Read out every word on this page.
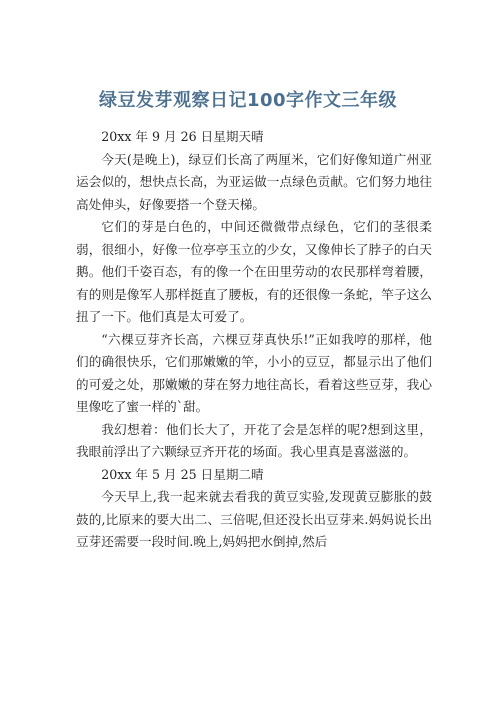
绿豆发芽观察日记100字作文三年级

20xx 年 9 月 26 日星期天晴

今天(是晚上)，绿豆们长高了两厘米，它们好像知道广州亚运会似的，想快点长高，为亚运做一点绿色贡献。它们努力地往高处伸头，好像要搭一个登天梯。

它们的芽是白色的，中间还微微带点绿色，它们的茎很柔弱，很细小，好像一位亭亭玉立的少女，又像伸长了脖子的白天鹅。他们千姿百态，有的像一个在田里劳动的农民那样弯着腰，有的则是像军人那样挺直了腰板，有的还很像一条蛇，竿子这么扭了一下。他们真是太可爱了。

“六棵豆芽齐长高，六棵豆芽真快乐!”正如我哼的那样，他们的确很快乐，它们那嫩嫩的竿，小小的豆豆，都显示出了他们的可爱之处，那嫩嫩的芽在努力地往高长，看着这些豆芽，我心里像吃了蜜一样的`甜。

我幻想着：他们长大了，开花了会是怎样的呢?想到这里，我眼前浮出了六颗绿豆齐开花的场面。我心里真是喜滋滋的。

20xx 年 5 月 25 日星期二晴

今天早上,我一起来就去看我的黄豆实验,发现黄豆膨胀的鼓鼓的,比原来的要大出二、三倍呢,但还没长出豆芽来.妈妈说长出豆芽还需要一段时间.晚上,妈妈把水倒掉,然后
